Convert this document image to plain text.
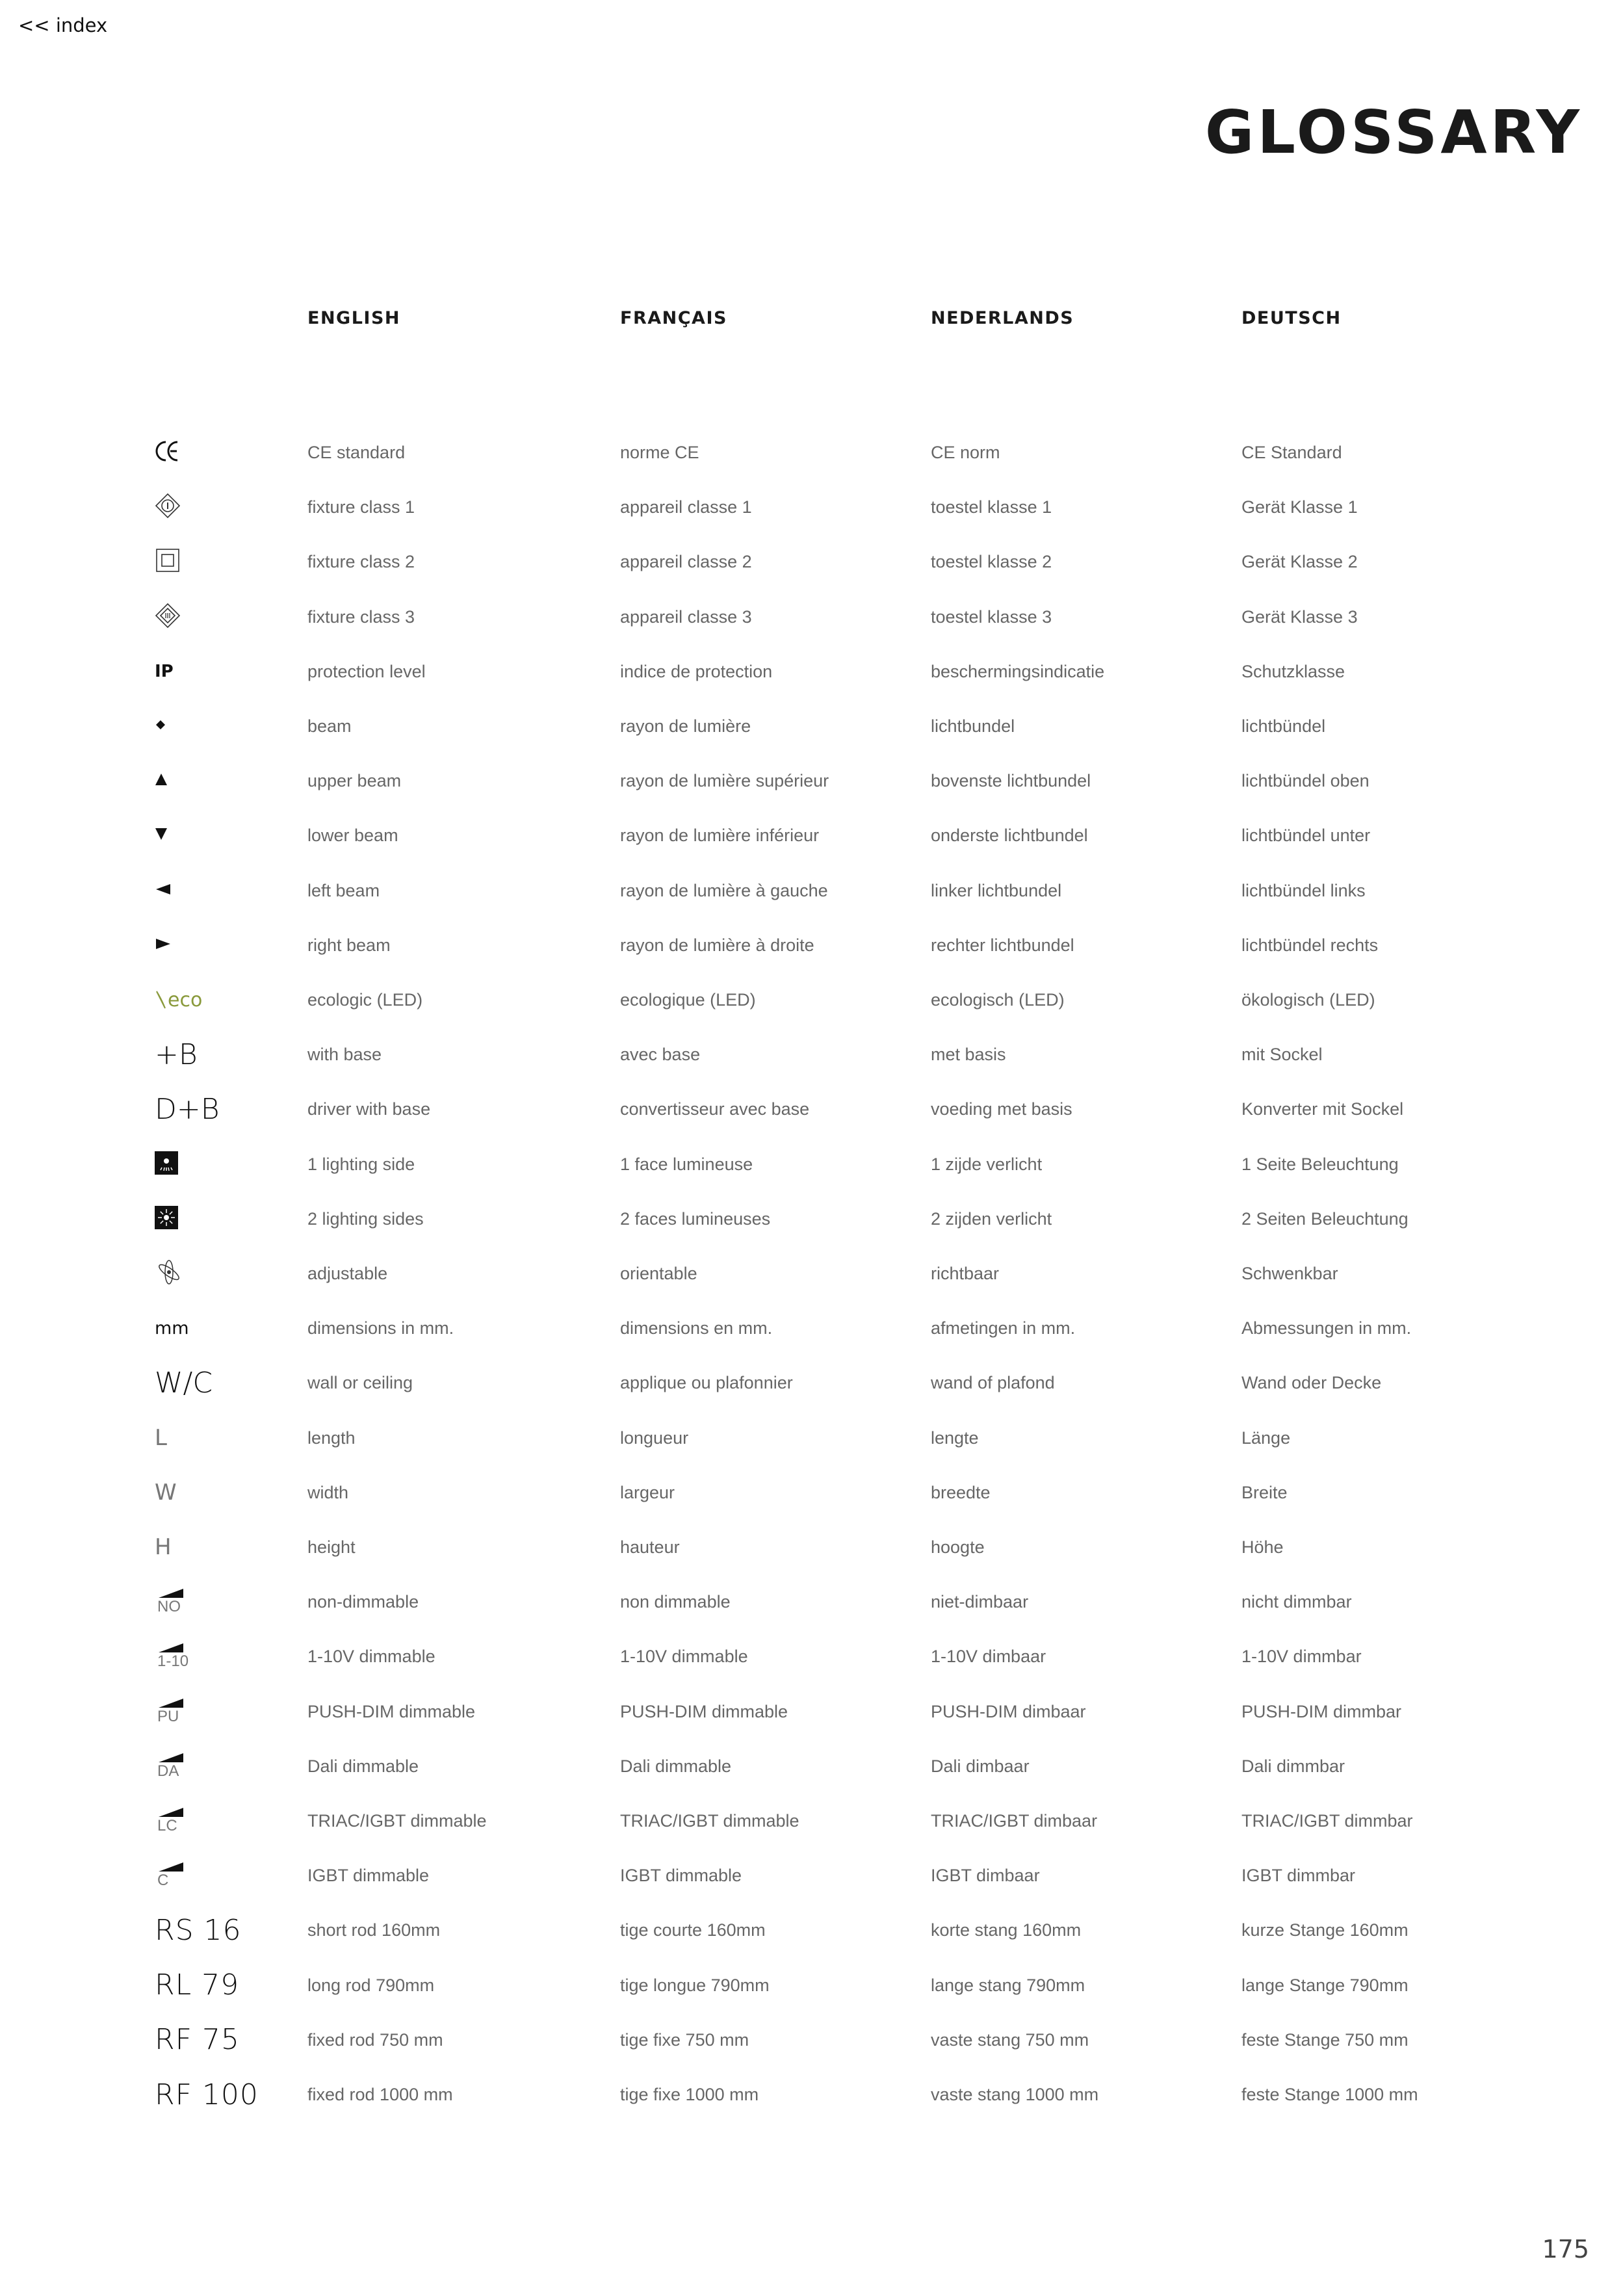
<< index
GLOSSARY
ENGLISH	FRANÇAIS	NEDERLANDS	DEUTSCH
CE standard	norme CE	CE norm	CE Standard
fixture class 1	appareil classe 1	toestel klasse 1	Gerät Klasse 1
fixture class 2	appareil classe 2	toestel klasse 2	Gerät Klasse 2
fixture class 3	appareil classe 3	toestel klasse 3	Gerät Klasse 3
IP	protection level	indice de protection	beschermingsindicatie	Schutzklasse
beam	rayon de lumière	lichtbundel	lichtbündel
upper beam	rayon de lumière supérieur	bovenste lichtbundel	lichtbündel oben
lower beam	rayon de lumière inférieur	onderste lichtbundel	lichtbündel unter
left beam	rayon de lumière à gauche	linker lichtbundel	lichtbündel links
right beam	rayon de lumière à droite	rechter lichtbundel	lichtbündel rechts
eco	ecologic (LED)	ecologique (LED)	ecologisch (LED)	ökologisch (LED)
+B	with base	avec base	met basis	mit Sockel
D+B	driver with base	convertisseur avec base	voeding met basis	Konverter mit Sockel
1 lighting side	1 face lumineuse	1 zijde verlicht	1 Seite Beleuchtung
2 lighting sides	2 faces lumineuses	2 zijden verlicht	2 Seiten Beleuchtung
adjustable	orientable	richtbaar	Schwenkbar
mm	dimensions in mm.	dimensions en mm.	afmetingen in mm.	Abmessungen in mm.
W/C	wall or ceiling	applique ou plafonnier	wand of plafond	Wand oder Decke
L	length	longueur	lengte	Länge
W	width	largeur	breedte	Breite
H	height	hauteur	hoogte	Höhe
NO	non-dimmable	non dimmable	niet-dimbaar	nicht dimmbar
1-10	1-10V dimmable	1-10V dimmable	1-10V dimbaar	1-10V dimmbar
PU	PUSH-DIM dimmable	PUSH-DIM dimmable	PUSH-DIM dimbaar	PUSH-DIM dimmbar
DA	Dali dimmable	Dali dimmable	Dali dimbaar	Dali dimmbar
LC	TRIAC/IGBT dimmable	TRIAC/IGBT dimmable	TRIAC/IGBT dimbaar	TRIAC/IGBT dimmbar
C	IGBT dimmable	IGBT dimmable	IGBT dimbaar	IGBT dimmbar
RS 16	short rod 160mm	tige courte 160mm	korte stang 160mm	kurze Stange 160mm
RL 79	long rod 790mm	tige longue 790mm	lange stang 790mm	lange Stange 790mm
RF 75	fixed rod 750 mm	tige fixe 750 mm	vaste stang 750 mm	feste Stange 750 mm
RF 100	fixed rod 1000 mm	tige fixe 1000 mm	vaste stang 1000 mm	feste Stange 1000 mm
175
